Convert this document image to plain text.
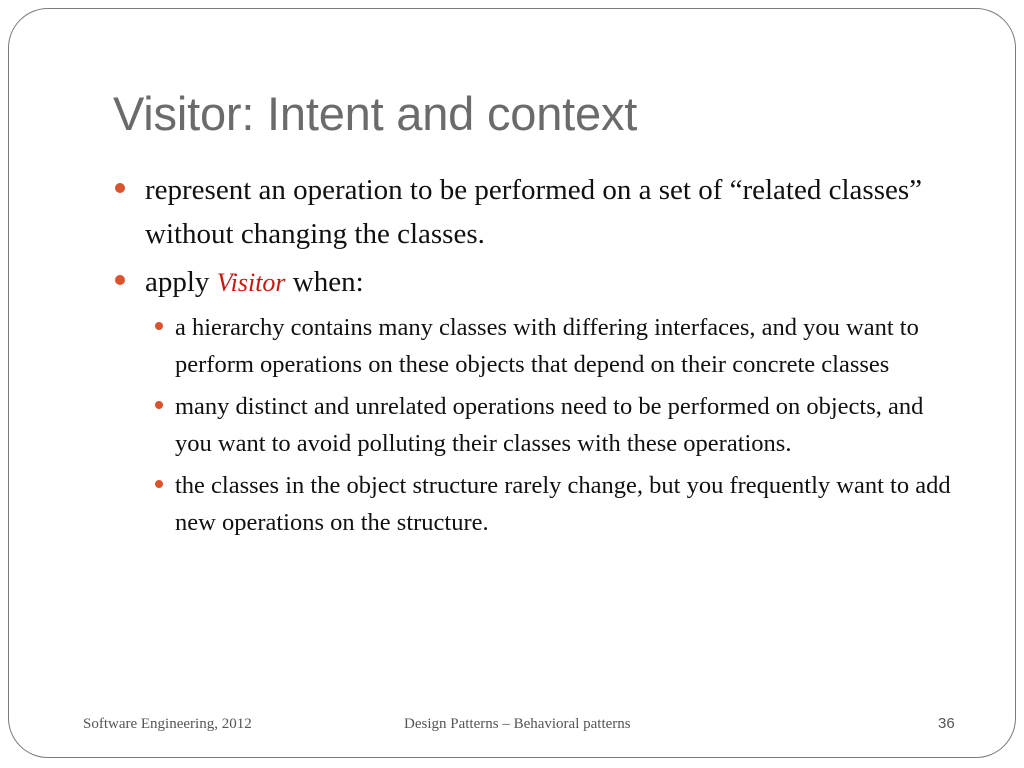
Visitor: Intent and context
represent an operation to be performed on a set of “related classes” without changing the classes.
apply Visitor when:
a hierarchy contains many classes with differing interfaces, and you want to perform operations on these objects that depend on their concrete classes
many distinct and unrelated operations need to be performed on objects, and you want to avoid polluting their classes with these operations.
the classes in the object structure rarely change, but you frequently want to add new operations on the structure.
Software Engineering, 2012	Design Patterns – Behavioral patterns	36
